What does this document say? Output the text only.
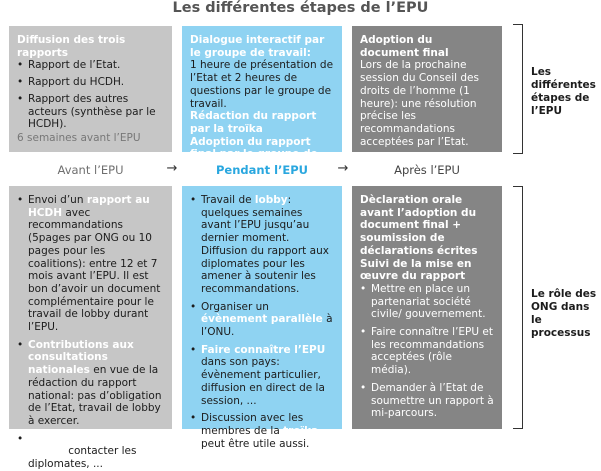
Les différentes étapes de l’EPU

Diffusion des trois rapports

• Rapport de l’Etat.
• Rapport du HCDH.
• Rapport des autres acteurs (synthèse par le HCDH).

6 semaines avant l’EPU

Dialogue interactif par le groupe de travail:

1 heure de présentation de l’Etat et 2 heures de questions par le groupe de travail.

Rédaction du rapport par la troïka

Adoption du rapport final par le groupe de travail

Adoption du document final

Lors de la prochaine session du Conseil des droits de l’homme (1 heure): une résolution précise les recommandations acceptées par l’Etat.

Les différentes étapes de l’EPU
Avant l’EPU	→	Pendant l’EPU	→	Après l’EPU
• Envoi d’un rapport au HCDH avec recommandations (5pages par ONG ou 10 pages pour les coalitions): entre 12 et 7 mois avant l’EPU. Il est bon d’avoir un document complémentaire pour le travail de lobby durant l’EPU.
• Contributions aux consultations nationales en vue de la rédaction du rapport national: pas d’obligation de l’Etat, travail de lobby à exercer.
• Début du travail de lobby: contacter les diplomates, ...
• Travail de lobby: quelques semaines avant l’EPU jusqu’au dernier moment. Diffusion du rapport aux diplomates pour les amener à soutenir les recommandations.
• Organiser un évènement parallèle à l’ONU.
• Faire connaître l’EPU dans son pays: évènement particulier, diffusion en direct de la session, ...
• Discussion avec les membres de la troïka peut être utile aussi.

Dèclaration orale avant l’adoption du document final + soumission de déclarations écrites

Suivi de la mise en œuvre du rapport

• Mettre en place un partenariat société civile/ gouvernement.
• Faire connaître l’EPU et les recommandations acceptées (rôle média).
• Demander à l’Etat de soumettre un rapport à mi-parcours.
Le rôle des ONG dans le processus
